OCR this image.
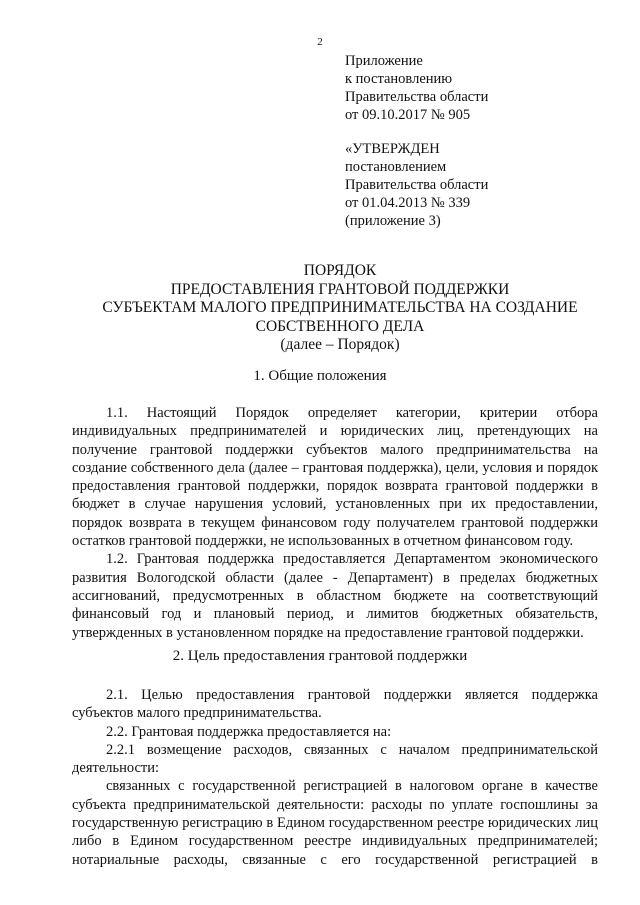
2
Приложение
к постановлению
Правительства области
от 09.10.2017 № 905
«УТВЕРЖДЕН
постановлением
Правительства области
от 01.04.2013 № 339
(приложение 3)
ПОРЯДОК
ПРЕДОСТАВЛЕНИЯ ГРАНТОВОЙ ПОДДЕРЖКИ
СУБЪЕКТАМ МАЛОГО ПРЕДПРИНИМАТЕЛЬСТВА НА СОЗДАНИЕ
СОБСТВЕННОГО ДЕЛА
(далее – Порядок)
1. Общие положения

1.1. Настоящий Порядок определяет категории, критерии отбора индивидуальных предпринимателей и юридических лиц, претендующих на получение грантовой поддержки субъектов малого предпринимательства на создание собственного дела (далее – грантовая поддержка), цели, условия и порядок предоставления грантовой поддержки, порядок возврата грантовой поддержки в бюджет в случае нарушения условий, установленных при их предоставлении, порядок возврата в текущем финансовом году получателем грантовой поддержки остатков грантовой поддержки, не использованных в отчетном финансовом году.

1.2. Грантовая поддержка предоставляется Департаментом экономического развития Вологодской области (далее - Департамент) в пределах бюджетных ассигнований, предусмотренных в областном бюджете на соответствующий финансовый год и плановый период, и лимитов бюджетных обязательств, утвержденных в установленном порядке на предоставление грантовой поддержки.

2. Цель предоставления грантовой поддержки

2.1. Целью предоставления грантовой поддержки является поддержка субъектов малого предпринимательства.

2.2. Грантовая поддержка предоставляется на:

2.2.1 возмещение расходов, связанных с началом предпринимательской деятельности:

связанных с государственной регистрацией в налоговом органе в качестве субъекта предпринимательской деятельности: расходы по уплате госпошлины за государственную регистрацию в Едином государственном реестре юридических лиц либо в Едином государственном реестре индивидуальных предпринимателей; нотариальные расходы, связанные с его государственной регистрацией в
